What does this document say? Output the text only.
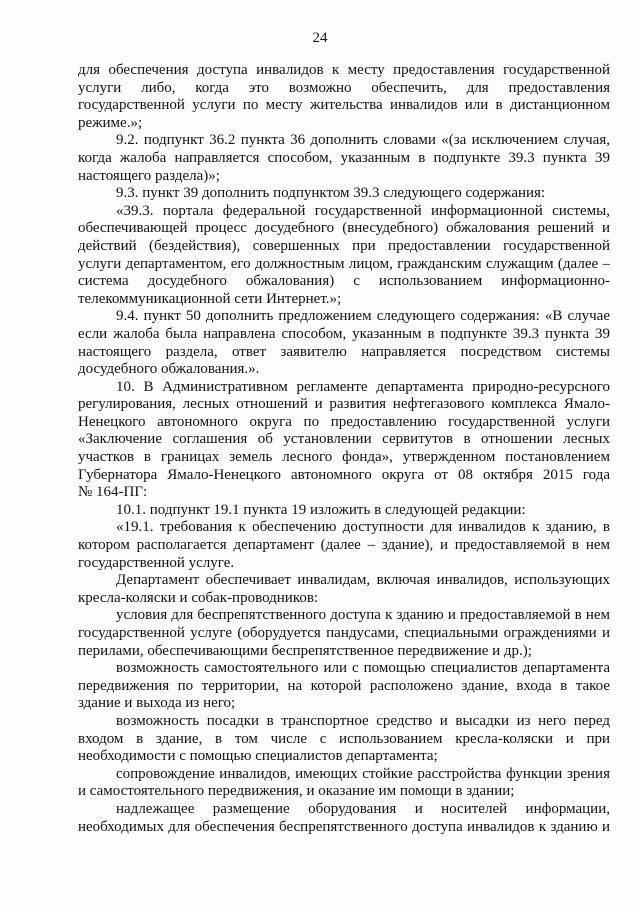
24
для обеспечения доступа инвалидов к месту предоставления государственной
услуги либо, когда это возможно обеспечить, для предоставления
государственной услуги по месту жительства инвалидов или в дистанционном
режиме.»;
9.2. подпункт 36.2 пункта 36 дополнить словами «(за исключением случая,
когда жалоба направляется способом, указанным в подпункте 39.3 пункта 39
настоящего раздела)»;
9.3. пункт 39 дополнить подпунктом 39.3 следующего содержания:
«39.3. портала федеральной государственной информационной системы,
обеспечивающей процесс досудебного (внесудебного) обжалования решений и
действий (бездействия), совершенных при предоставлении государственной
услуги департаментом, его должностным лицом, гражданским служащим (далее –
система досудебного обжалования) с использованием информационно-
телекоммуникационной сети Интернет.»;
9.4. пункт 50 дополнить предложением следующего содержания: «В случае
если жалоба была направлена способом, указанным в подпункте 39.3 пункта 39
настоящего раздела, ответ заявителю направляется посредством системы
досудебного обжалования.».
10. В Административном регламенте департамента природно-ресурсного
регулирования, лесных отношений и развития нефтегазового комплекса Ямало-
Ненецкого автономного округа по предоставлению государственной услуги
«Заключение соглашения об установлении сервитутов в отношении лесных
участков в границах земель лесного фонда», утвержденном постановлением
Губернатора Ямало-Ненецкого автономного округа от 08 октября 2015 года
№ 164-ПГ:
10.1. подпункт 19.1 пункта 19 изложить в следующей редакции:
«19.1. требования к обеспечению доступности для инвалидов к зданию, в
котором располагается департамент (далее – здание), и предоставляемой в нем
государственной услуге.
Департамент обеспечивает инвалидам, включая инвалидов, использующих
кресла-коляски и собак-проводников:
условия для беспрепятственного доступа к зданию и предоставляемой в нем
государственной услуге (оборудуется пандусами, специальными ограждениями и
перилами, обеспечивающими беспрепятственное передвижение и др.);
возможность самостоятельного или с помощью специалистов департамента
передвижения по территории, на которой расположено здание, входа в такое
здание и выхода из него;
возможность посадки в транспортное средство и высадки из него перед
входом в здание, в том числе с использованием кресла-коляски и при
необходимости с помощью специалистов департамента;
сопровождение инвалидов, имеющих стойкие расстройства функции зрения
и самостоятельного передвижения, и оказание им помощи в здании;
надлежащее размещение оборудования и носителей информации,
необходимых для обеспечения беспрепятственного доступа инвалидов к зданию и
